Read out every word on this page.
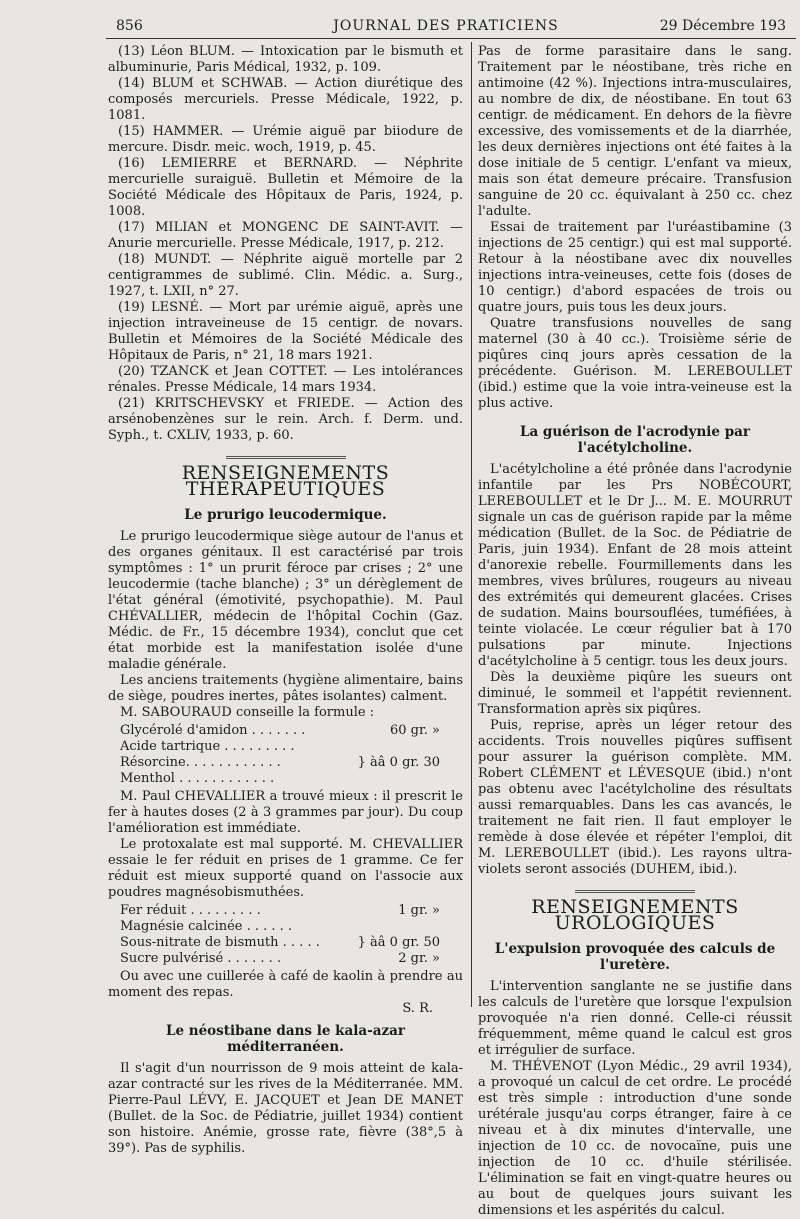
856	JOURNAL DES PRATICIENS	29 Décembre 193

(13) Léon BLUM. — Intoxication par le bismuth et albuminurie, Paris Médical, 1932, p. 109.

(14) BLUM et SCHWAB. — Action diurétique des composés mercuriels. Presse Médicale, 1922, p. 1081.

(15) HAMMER. — Urémie aiguë par biiodure de mercure. Disdr. meic. woch, 1919, p. 45.

(16) LEMIERRE et BERNARD. — Néphrite mercurielle suraiguë. Bulletin et Mémoire de la Société Médicale des Hôpitaux de Paris, 1924, p. 1008.

(17) MILIAN et MONGENC DE SAINT-AVIT. — Anurie mercurielle. Presse Médicale, 1917, p. 212.

(18) MUNDT. — Néphrite aiguë mortelle par 2 centigrammes de sublimé. Clin. Médic. a. Surg., 1927, t. LXII, n° 27.

(19) LESNÉ. — Mort par urémie aiguë, après une injection intraveineuse de 15 centigr. de novars. Bulletin et Mémoires de la Société Médicale des Hôpitaux de Paris, n° 21, 18 mars 1921.

(20) TZANCK et Jean COTTET. — Les intolérances rénales. Presse Médicale, 14 mars 1934.

(21) KRITSCHEVSKY et FRIEDE. — Action des arsénobenzènes sur le rein. Arch. f. Derm. und. Syph., t. CXLIV, 1933, p. 60.

RENSEIGNEMENTS THÉRAPEUTIQUES
Le prurigo leucodermique.

Le prurigo leucodermique siège autour de l'anus et des organes génitaux. Il est caractérisé par trois symptômes : 1° un prurit féroce par crises ; 2° une leucodermie (tache blanche) ; 3° un dérèglement de l'état général (émotivité, psychopathie). M. Paul CHÉVALLIER, médecin de l'hôpital Cochin (Gaz. Médic. de Fr., 15 décembre 1934), conclut que cet état morbide est la manifestation isolée d'une maladie générale.

Les anciens traitements (hygiène alimentaire, bains de siège, poudres inertes, pâtes isolantes) calment.

M. SABOURAUD conseille la formule :

Glycérolé d'amidon . . . . . . .	60 gr. »
Acide tartrique . . . . . . . . .
Résorcine. . . . . . . . . . . .	} àâ 0 gr. 30
Menthol . . . . . . . . . . . .

M. Paul CHEVALLIER a trouvé mieux : il prescrit le fer à hautes doses (2 à 3 grammes par jour). Du coup l'amélioration est immédiate.

Le protoxalate est mal supporté. M. CHEVALLIER essaie le fer réduit en prises de 1 gramme. Ce fer réduit est mieux supporté quand on l'associe aux poudres magnésobismuthées.

Fer réduit . . . . . . . . .	1 gr. »
Magnésie calcinée . . . . . .
Sous-nitrate de bismuth . . . . .	} àâ 0 gr. 50
Sucre pulvérisé . . . . . . .	2 gr. »

Ou avec une cuillerée à café de kaolin à prendre au moment des repas.

S. R.

Le néostibane dans le kala-azar méditerranéen.

Il s'agit d'un nourrisson de 9 mois atteint de kala-azar contracté sur les rives de la Méditerranée. MM. Pierre-Paul LÉVY, E. JACQUET et Jean DE MANET (Bullet. de la Soc. de Pédiatrie, juillet 1934) contient son histoire. Anémie, grosse rate, fièvre (38°,5 à 39°). Pas de syphilis.

Pas de forme parasitaire dans le sang. Traitement par le néostibane, très riche en antimoine (42 %). Injections intra-musculaires, au nombre de dix, de néostibane. En tout 63 centigr. de médicament. En dehors de la fièvre excessive, des vomissements et de la diarrhée, les deux dernières injections ont été faites à la dose initiale de 5 centigr. L'enfant va mieux, mais son état demeure précaire. Transfusion sanguine de 20 cc. équivalant à 250 cc. chez l'adulte.

Essai de traitement par l'uréastibamine (3 injections de 25 centigr.) qui est mal supporté. Retour à la néostibane avec dix nouvelles injections intra-veineuses, cette fois (doses de 10 centigr.) d'abord espacées de trois ou quatre jours, puis tous les deux jours.

Quatre transfusions nouvelles de sang maternel (30 à 40 cc.). Troisième série de piqûres cinq jours après cessation de la précédente. Guérison. M. LEREBOULLET (ibid.) estime que la voie intra-veineuse est la plus active.

La guérison de l'acrodynie par l'acétylcholine.

L'acétylcholine a été prônée dans l'acrodynie infantile par les Prs NOBÉCOURT, LEREBOULLET et le Dr J... M. E. MOURRUT signale un cas de guérison rapide par la même médication (Bullet. de la Soc. de Pédiatrie de Paris, juin 1934). Enfant de 28 mois atteint d'anorexie rebelle. Fourmillements dans les membres, vives brûlures, rougeurs au niveau des extrémités qui demeurent glacées. Crises de sudation. Mains boursouflées, tuméfiées, à teinte violacée. Le cœur régulier bat à 170 pulsations par minute. Injections d'acétylcholine à 5 centigr. tous les deux jours.

Dès la deuxième piqûre les sueurs ont diminué, le sommeil et l'appétit reviennent. Transformation après six piqûres.

Puis, reprise, après un léger retour des accidents. Trois nouvelles piqûres suffisent pour assurer la guérison complète. MM. Robert CLÉMENT et LÉVESQUE (ibid.) n'ont pas obtenu avec l'acétylcholine des résultats aussi remarquables. Dans les cas avancés, le traitement ne fait rien. Il faut employer le remède à dose élevée et répéter l'emploi, dit M. LEREBOULLET (ibid.). Les rayons ultra-violets seront associés (DUHEM, ibid.).

RENSEIGNEMENTS UROLOGIQUES
L'expulsion provoquée des calculs de l'uretère.

L'intervention sanglante ne se justifie dans les calculs de l'uretère que lorsque l'expulsion provoquée n'a rien donné. Celle-ci réussit fréquemment, même quand le calcul est gros et irrégulier de surface.

M. THÉVENOT (Lyon Médic., 29 avril 1934), a provoqué un calcul de cet ordre. Le procédé est très simple : introduction d'une sonde urétérale jusqu'au corps étranger, faire à ce niveau et à dix minutes d'intervalle, une injection de 10 cc. de novocaïne, puis une injection de 10 cc. d'huile stérilisée. L'élimination se fait en vingt-quatre heures ou au bout de quelques jours suivant les dimensions et les aspérités du calcul.
